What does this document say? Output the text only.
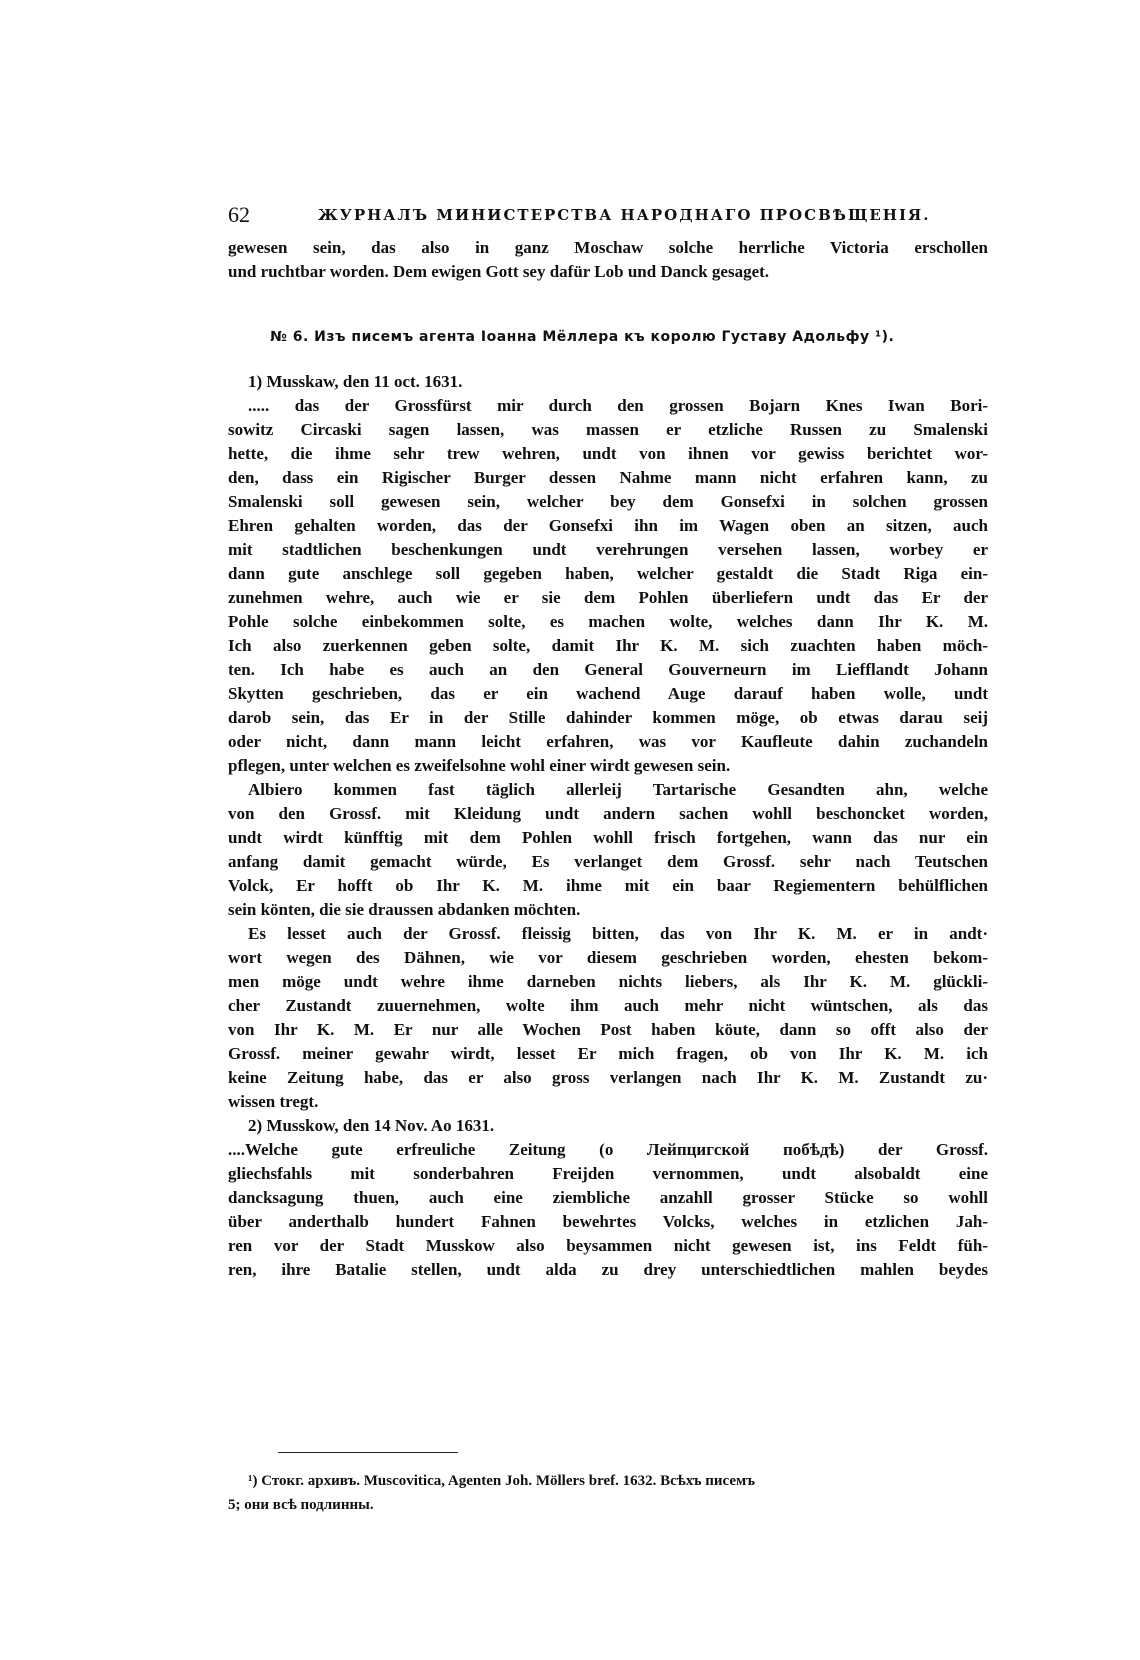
62	ЖУРНАЛЪ МИНИСТЕРСТВА НАРОДНАГО ПРОСВѢЩЕНІЯ.
gewesen sein, das also in ganz Moschaw solche herrliche Victoria erschollen
und ruchtbar worden. Dem ewigen Gott sey dafür Lob und Danck gesaget.
№ 6. Изъ писемъ агента Іоанна Мёллера къ королю Густаву Адольфу ¹).
1) Musskaw, den 11 oct. 1631.
..... das der Grossfürst mir durch den grossen Bojarn Knes Iwan Bori-
sowitz Circaski sagen lassen, was massen er etzliche Russen zu Smalenski
hette, die ihme sehr trew wehren, undt von ihnen vor gewiss berichtet wor-
den, dass ein Rigischer Burger dessen Nahme mann nicht erfahren kann, zu
Smalenski soll gewesen sein, welcher bey dem Gonsefxi in solchen grossen
Ehren gehalten worden, das der Gonsefxi ihn im Wagen oben an sitzen, auch
mit stadtlichen beschenkungen undt verehrungen versehen lassen, worbey er
dann gute anschlege soll gegeben haben, welcher gestaldt die Stadt Riga ein-
zunehmen wehre, auch wie er sie dem Pohlen überliefern undt das Er der
Pohle solche einbekommen solte, es machen wolte, welches dann Ihr K. M.
Ich also zuerkennen geben solte, damit Ihr K. M. sich zuachten haben möch-
ten. Ich habe es auch an den General Gouverneurn im Liefflandt Johann
Skytten geschrieben, das er ein wachend Auge darauf haben wolle, undt
darob sein, das Er in der Stille dahinder kommen möge, ob etwas darau seij
oder nicht, dann mann leicht erfahren, was vor Kaufleute dahin zuchandeln
pflegen, unter welchen es zweifelsohne wohl einer wirdt gewesen sein.
Albiero kommen fast täglich allerleij Tartarische Gesandten ahn, welche
von den Grossf. mit Kleidung undt andern sachen wohll beschoncket worden,
undt wirdt künfftig mit dem Pohlen wohll frisch fortgehen, wann das nur ein
anfang damit gemacht würde, Es verlanget dem Grossf. sehr nach Teutschen
Volck, Er hofft ob Ihr K. M. ihme mit ein baar Regiementern behülflichen
sein könten, die sie draussen abdanken möchten.
Es lesset auch der Grossf. fleissig bitten, das von Ihr K. M. er in andt·
wort wegen des Dähnen, wie vor diesem geschrieben worden, ehesten bekom-
men möge undt wehre ihme darneben nichts liebers, als Ihr K. M. glückli-
cher Zustandt zuuernehmen, wolte ihm auch mehr nicht wüntschen, als das
von Ihr K. M. Er nur alle Wochen Post haben köute, dann so offt also der
Grossf. meiner gewahr wirdt, lesset Er mich fragen, ob von Ihr K. M. ich
keine Zeitung habe, das er also gross verlangen nach Ihr K. M. Zustandt zu·
wissen tregt.
2) Musskow, den 14 Nov. Ao 1631.
....Welche gute erfreuliche Zeitung (о Лейпцигской побѣдѣ) der Grossf.
gliechsfahls mit sonderbahren Freijden vernommen, undt alsobaldt eine
dancksagung thuen, auch eine ziembliche anzahll grosser Stücke so wohll
über anderthalb hundert Fahnen bewehrtes Volcks, welches in etzlichen Jah-
ren vor der Stadt Musskow also beysammen nicht gewesen ist, ins Feldt füh-
ren, ihre Batalie stellen, undt alda zu drey unterschiedtlichen mahlen beydes
¹) Стокг. архивъ. Muscovitica, Agenten Joh. Möllers bref. 1632. Всѣхъ писемъ
5; они всѣ подлинны.
